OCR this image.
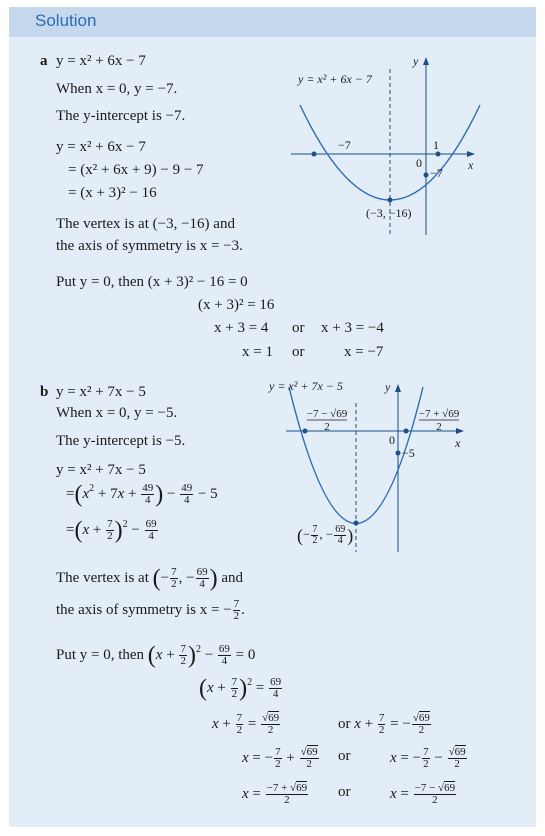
Solution
a y = x² + 6x − 7
When x = 0, y = −7.
The y-intercept is −7.
y = x² + 6x − 7
= (x² + 6x + 9) − 9 − 7
= (x + 3)² − 16
The vertex is at (−3, −16) and
the axis of symmetry is x = −3.
Put y = 0, then (x + 3)² − 16 = 0
(x + 3)² = 16
x + 3 = 4 or x + 3 = −4
x = 1 or	x = −7
y = x² + 6x − 7
y
x
0
−7	1
−7
(−3, −16)
b y = x² + 7x − 5
When x = 0, y = −5.
The y-intercept is −5.
y = x² + 7x − 5
$=(x^2 + 7x + \frac{49}{4}$ ) − $\frac{49}{4} - 5$
$=(x + \frac{7}{2} )^2 - \frac{69}{4}$
The vertex is at (− $\frac{7}{2}$ , − $\frac{69}{4}$ ) and
the axis of symmetry is x = − $\frac{7}{2}$ .
Put y = 0, then $(x + \frac{7}{2} )^2 - \frac{69}{4} = 0$
$(x + \frac{7}{2} )^2 = \frac{69}{4}$
$x + \frac{7}{2} = \frac{√69}{2}$	or $x + \frac{7}{2}$ = − $\frac{√69}{2}$
x = − $\frac{7}{2} + \frac{√69}{2}$ or	x = − $\frac{7}{2} - \frac{√69}{2}$
$x = \frac{-7 + √69}{2}$ or	$x = \frac{-7 - √69}{2}$
y = x² + 7x − 5	y
x
0
−5
−7 − √69
2
−7 + √69
2
(− $\frac{7}{2}$ , − $\frac{69}{4}$ )
